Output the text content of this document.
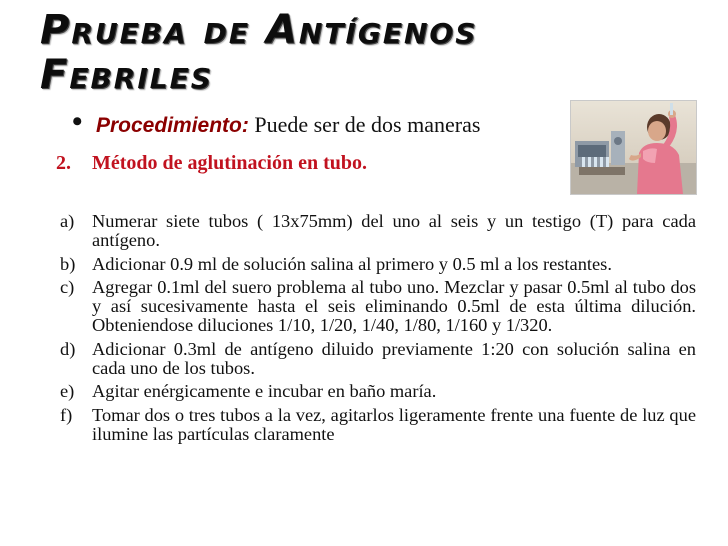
Prueba de Antígenos
Febriles
• Procedimiento: Puede ser de dos maneras
2. Método de aglutinación en tubo.
a) Numerar siete tubos ( 13x75mm) del uno al seis y un testigo (T) para cada antígeno.
b) Adicionar 0.9 ml de solución salina al primero y 0.5 ml a los restantes.
c) Agregar 0.1ml del suero problema al tubo uno. Mezclar y pasar 0.5ml al tubo dos y así sucesivamente hasta el seis eliminando 0.5ml de esta última dilución. Obteniendose diluciones 1/10, 1/20, 1/40, 1/80, 1/160 y 1/320.
d) Adicionar 0.3ml de antígeno diluido previamente 1:20 con solución salina en cada uno de los tubos.
e) Agitar enérgicamente e incubar en baño maría.
f) Tomar dos o tres tubos a la vez, agitarlos ligeramente frente una fuente de luz que ilumine las partículas claramente
